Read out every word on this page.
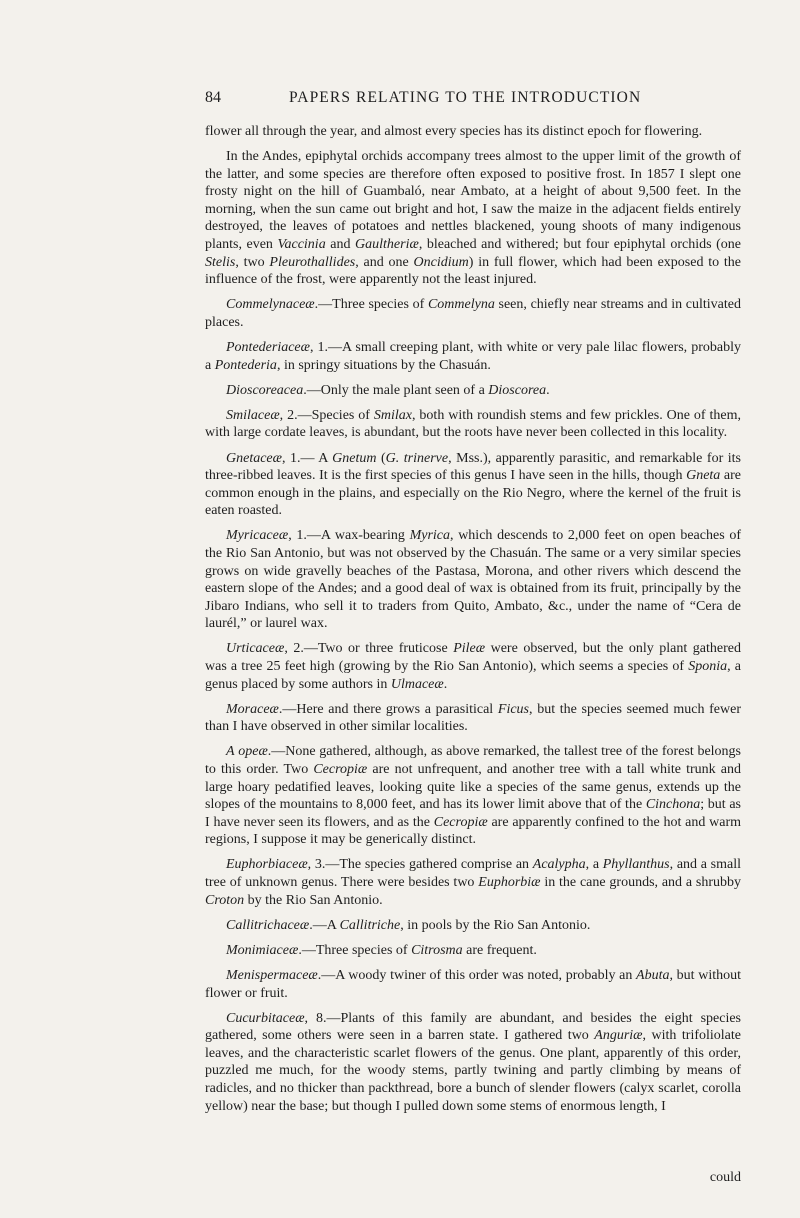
84	PAPERS RELATING TO THE INTRODUCTION

flower all through the year, and almost every species has its distinct epoch for flowering.

In the Andes, epiphytal orchids accompany trees almost to the upper limit of the growth of the latter, and some species are therefore often exposed to positive frost. In 1857 I slept one frosty night on the hill of Guambaló, near Ambato, at a height of about 9,500 feet. In the morning, when the sun came out bright and hot, I saw the maize in the adjacent fields entirely destroyed, the leaves of potatoes and nettles blackened, young shoots of many indigenous plants, even Vaccinia and Gaultheriæ, bleached and withered; but four epiphytal orchids (one Stelis, two Pleurothallides, and one Oncidium) in full flower, which had been exposed to the influence of the frost, were apparently not the least injured.

Commelynaceæ.—Three species of Commelyna seen, chiefly near streams and in cultivated places.

Pontederiaceæ, 1.—A small creeping plant, with white or very pale lilac flowers, probably a Pontederia, in springy situations by the Chasuán.

Dioscoreacea.—Only the male plant seen of a Dioscorea.

Smilaceæ, 2.—Species of Smilax, both with roundish stems and few prickles. One of them, with large cordate leaves, is abundant, but the roots have never been collected in this locality.

Gnetaceæ, 1.— A Gnetum (G. trinerve, Mss.), apparently parasitic, and remarkable for its three-ribbed leaves. It is the first species of this genus I have seen in the hills, though Gneta are common enough in the plains, and especially on the Rio Negro, where the kernel of the fruit is eaten roasted.

Myricaceæ, 1.—A wax-bearing Myrica, which descends to 2,000 feet on open beaches of the Rio San Antonio, but was not observed by the Chasuán. The same or a very similar species grows on wide gravelly beaches of the Pastasa, Morona, and other rivers which descend the eastern slope of the Andes; and a good deal of wax is obtained from its fruit, principally by the Jibaro Indians, who sell it to traders from Quito, Ambato, &c., under the name of “Cera de laurél,” or laurel wax.

Urticaceæ, 2.—Two or three fruticose Pileæ were observed, but the only plant gathered was a tree 25 feet high (growing by the Rio San Antonio), which seems a species of Sponia, a genus placed by some authors in Ulmaceæ.

Moraceæ.—Here and there grows a parasitical Ficus, but the species seemed much fewer than I have observed in other similar localities.

A opeæ.—None gathered, although, as above remarked, the tallest tree of the forest belongs to this order. Two Cecropiæ are not unfrequent, and another tree with a tall white trunk and large hoary pedatified leaves, looking quite like a species of the same genus, extends up the slopes of the mountains to 8,000 feet, and has its lower limit above that of the Cinchona; but as I have never seen its flowers, and as the Cecropiæ are apparently confined to the hot and warm regions, I suppose it may be generically distinct.

Euphorbiaceæ, 3.—The species gathered comprise an Acalypha, a Phyllanthus, and a small tree of unknown genus. There were besides two Euphorbiæ in the cane grounds, and a shrubby Croton by the Rio San Antonio.

Callitrichaceæ.—A Callitriche, in pools by the Rio San Antonio.

Monimiaceæ.—Three species of Citrosma are frequent.

Menispermaceæ.—A woody twiner of this order was noted, probably an Abuta, but without flower or fruit.

Cucurbitaceæ, 8.—Plants of this family are abundant, and besides the eight species gathered, some others were seen in a barren state. I gathered two Anguriæ, with trifoliolate leaves, and the characteristic scarlet flowers of the genus. One plant, apparently of this order, puzzled me much, for the woody stems, partly twining and partly climbing by means of radicles, and no thicker than packthread, bore a bunch of slender flowers (calyx scarlet, corolla yellow) near the base; but though I pulled down some stems of enormous length, I

could
